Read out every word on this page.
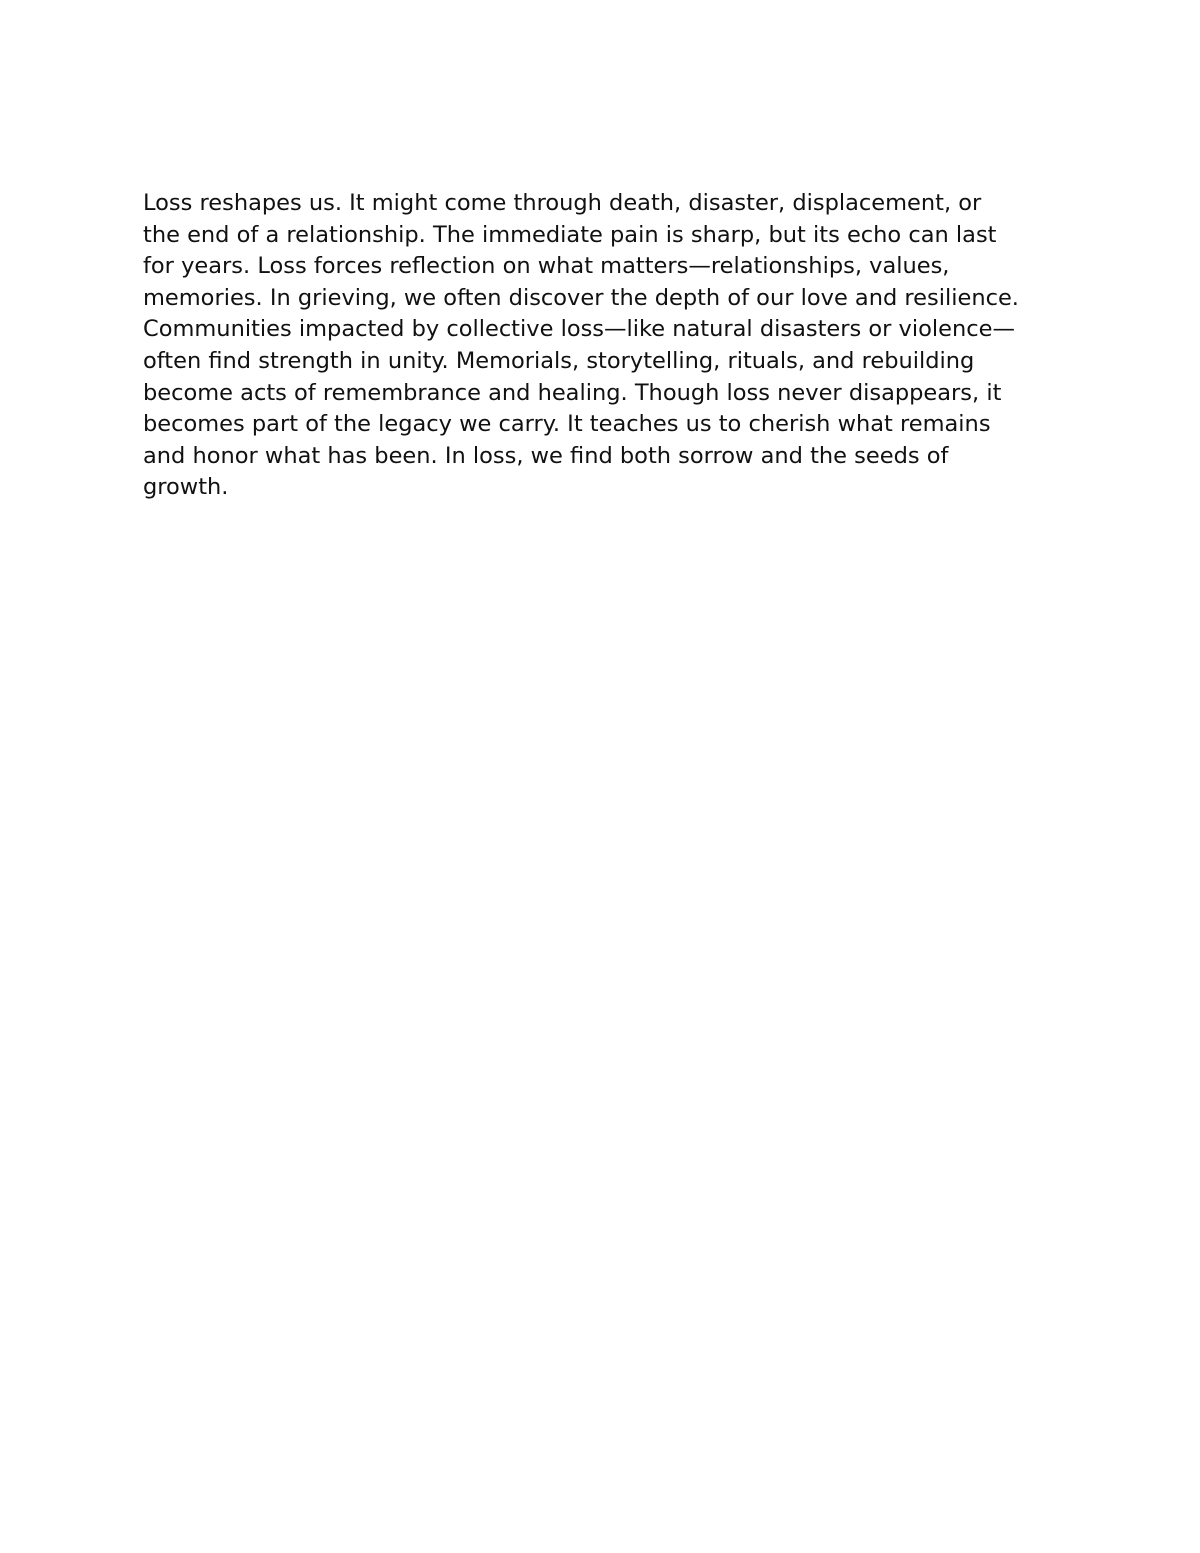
Loss reshapes us. It might come through death, disaster, displacement, or
the end of a relationship. The immediate pain is sharp, but its echo can last
for years. Loss forces reflection on what matters—relationships, values,
memories. In grieving, we often discover the depth of our love and resilience.
Communities impacted by collective loss—like natural disasters or violence—
often find strength in unity. Memorials, storytelling, rituals, and rebuilding
become acts of remembrance and healing. Though loss never disappears, it
becomes part of the legacy we carry. It teaches us to cherish what remains
and honor what has been. In loss, we find both sorrow and the seeds of
growth.
